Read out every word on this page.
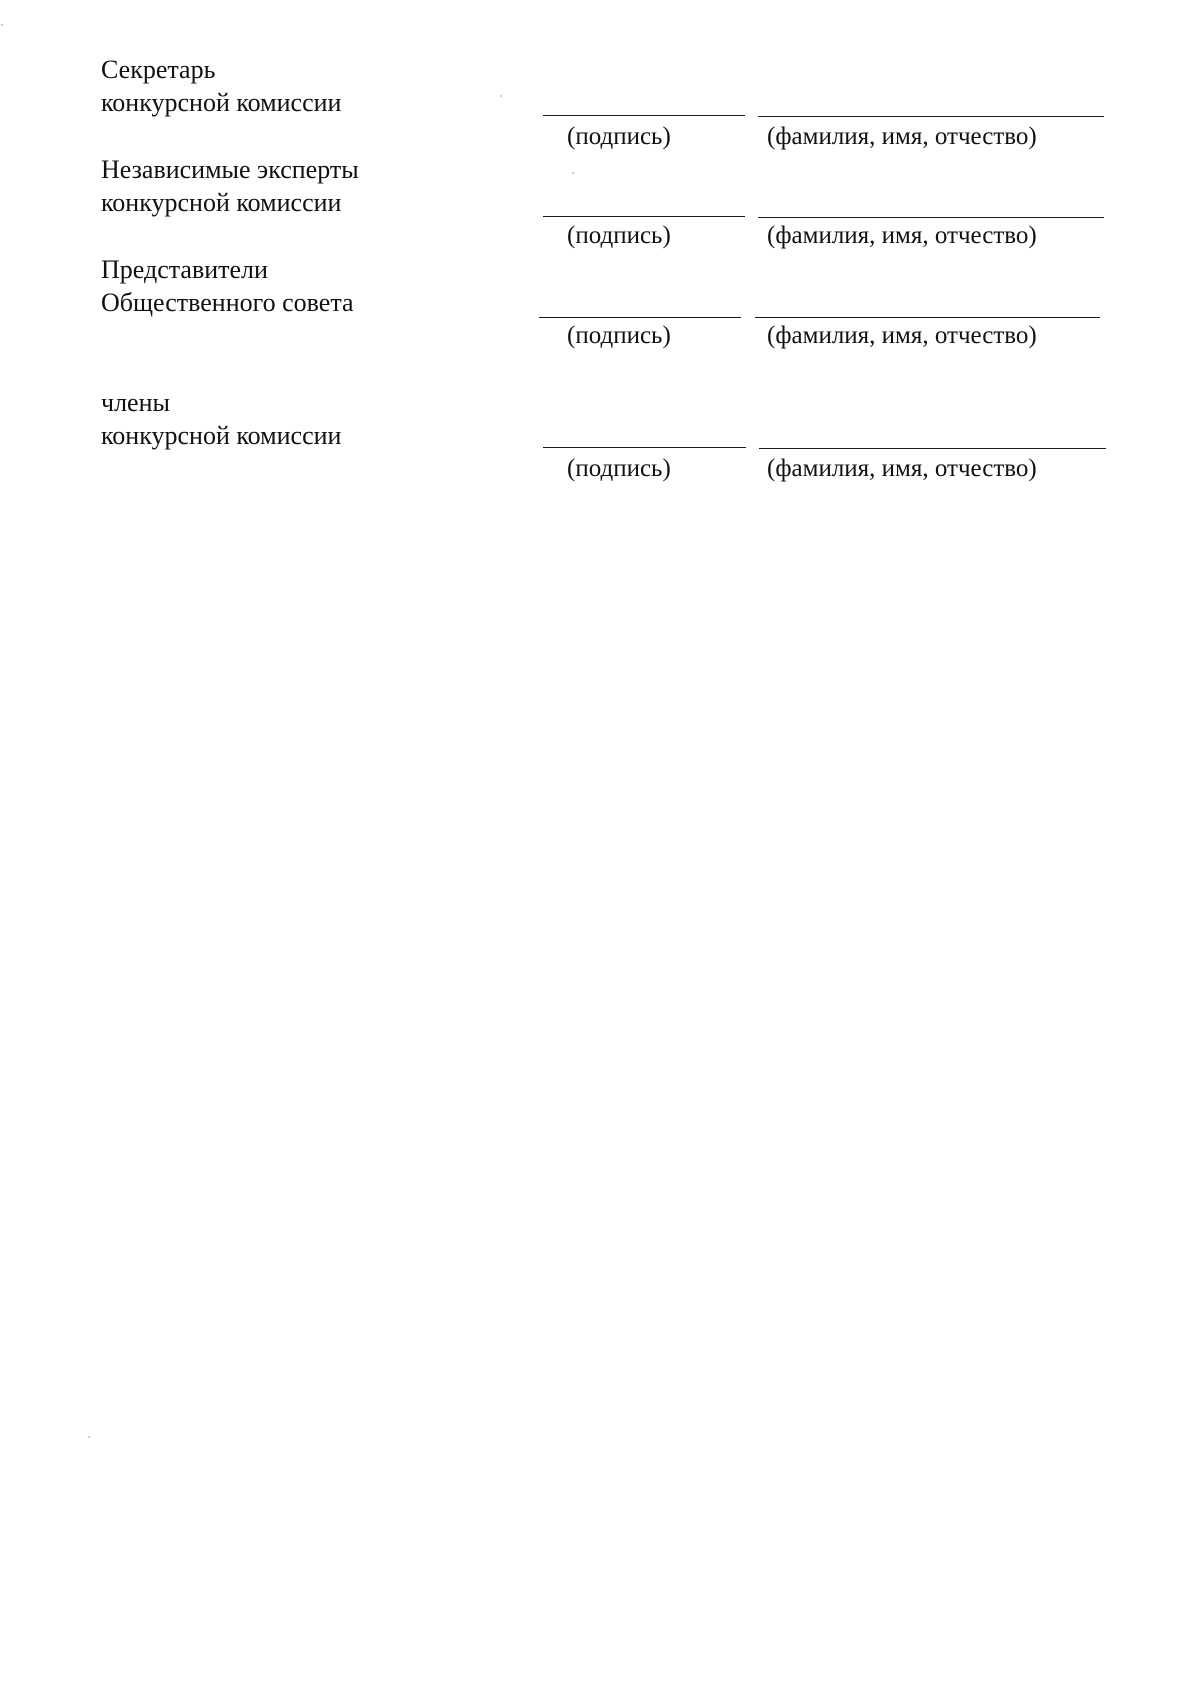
Секретарь
конкурсной комиссии
(подпись)	(фамилия, имя, отчество)
Независимые эксперты
конкурсной комиссии
(подпись)	(фамилия, имя, отчество)
Представители
Общественного совета
(подпись)	(фамилия, имя, отчество)
члены
конкурсной комиссии
(подпись)	(фамилия, имя, отчество)
